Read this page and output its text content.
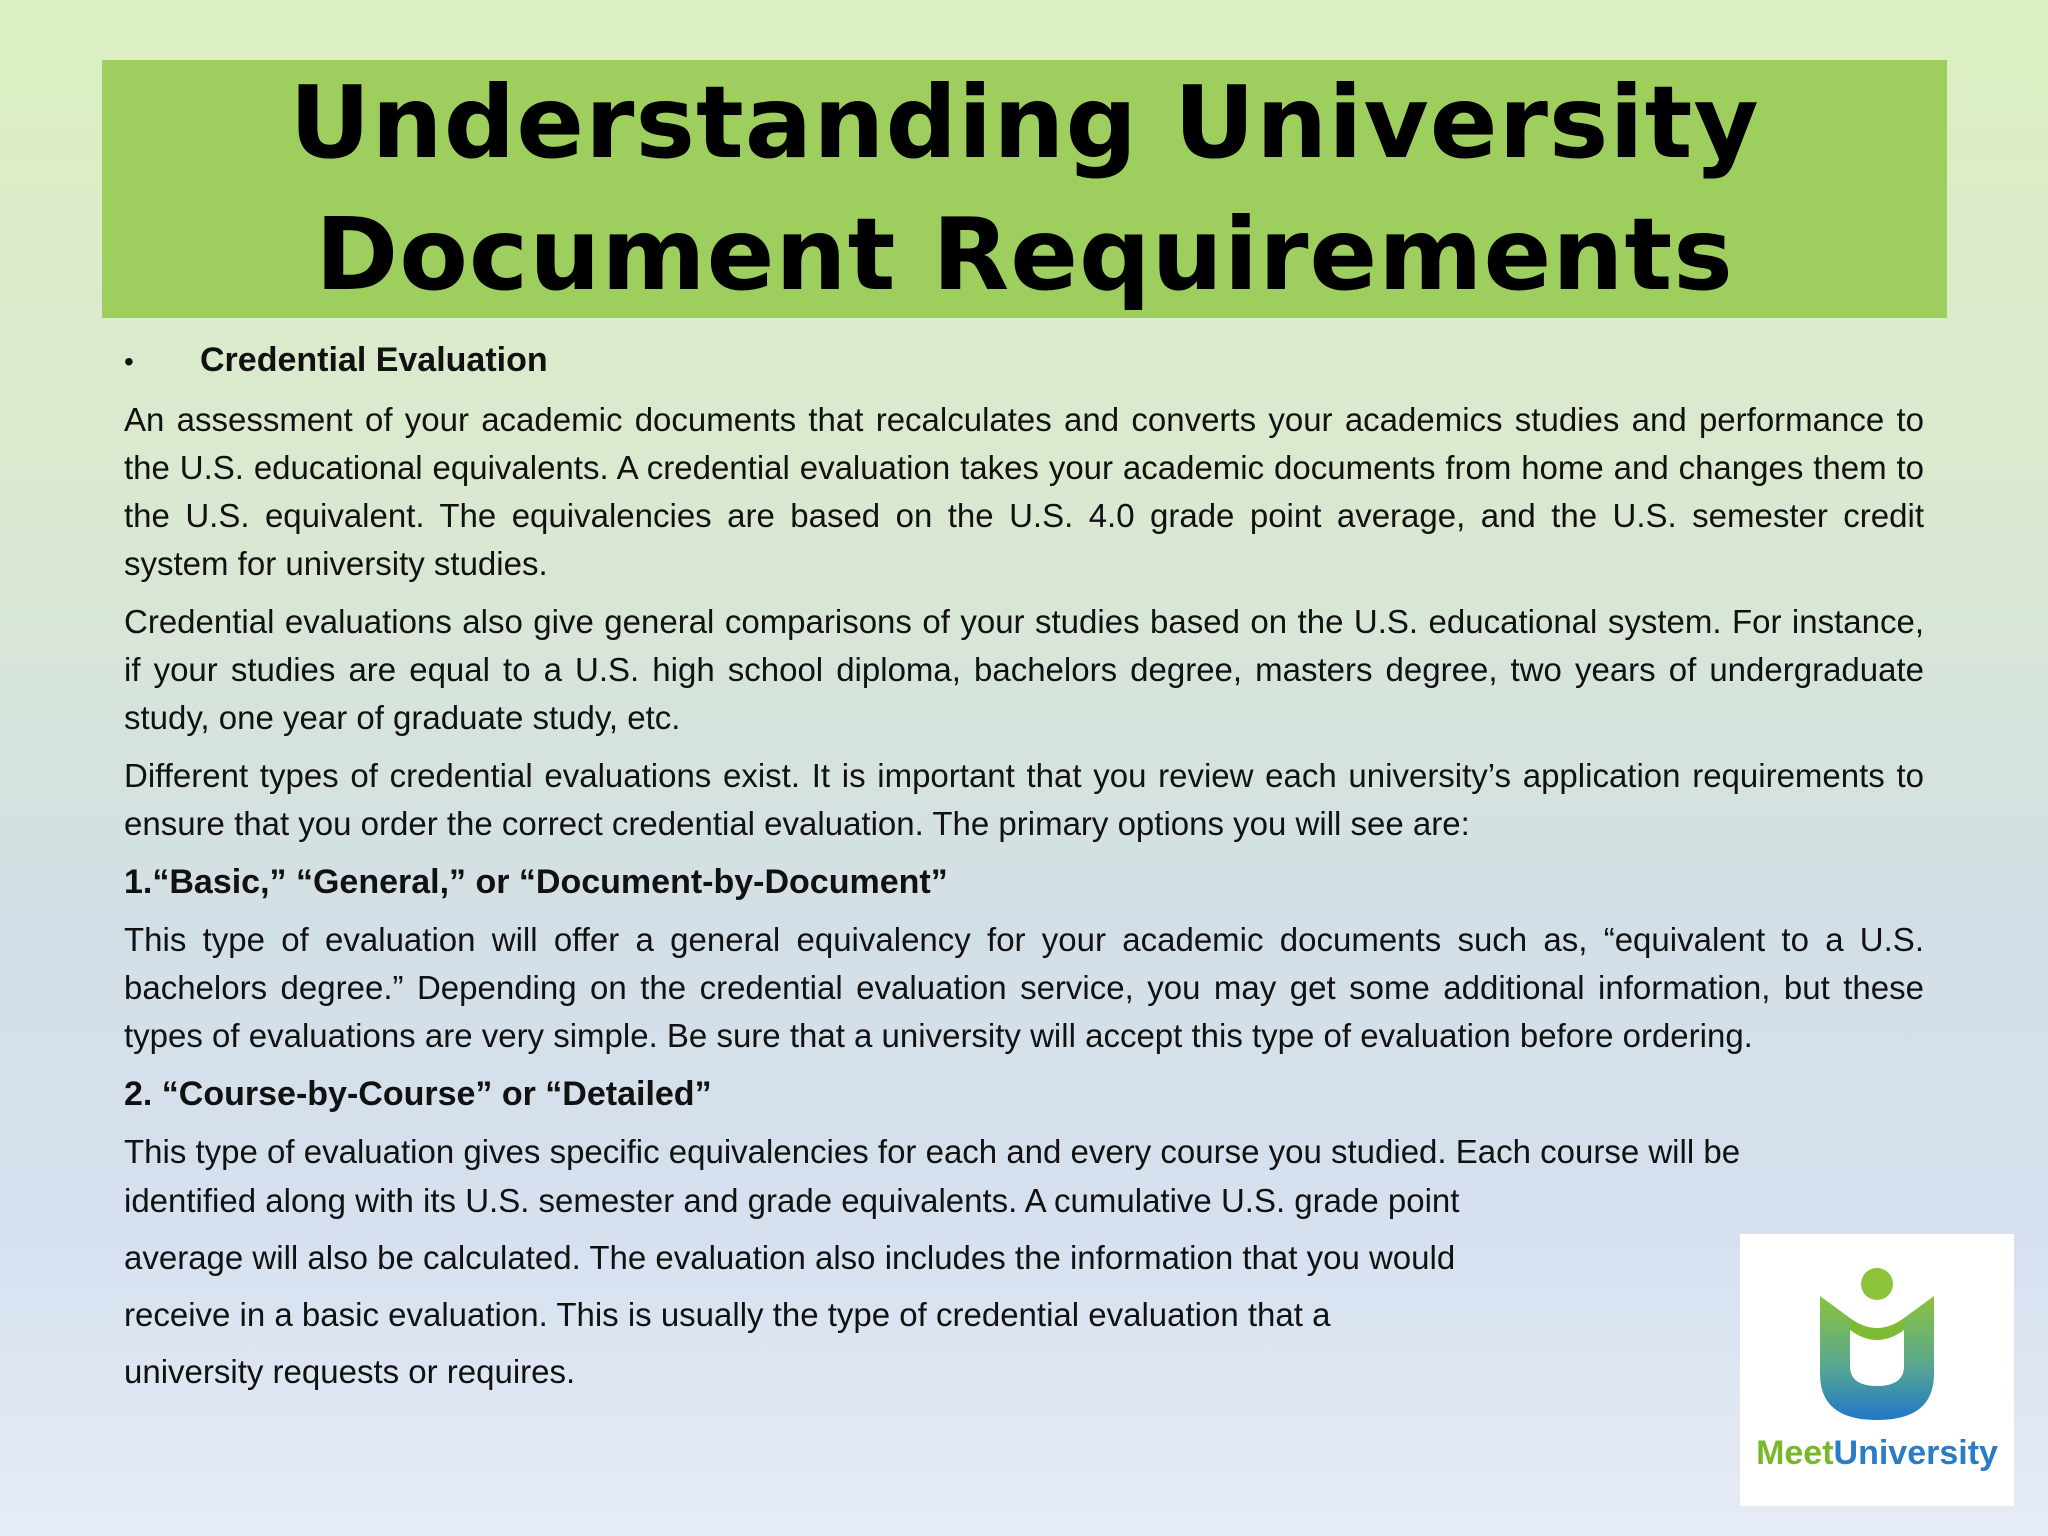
Understanding University
Document Requirements
•	Credential Evaluation

An assessment of your academic documents that recalculates and converts your academics studies and performance to the U.S. educational equivalents. A credential evaluation takes your academic documents from home and changes them to the U.S. equivalent. The equivalencies are based on the U.S. 4.0 grade point average, and the U.S. semester credit system for university studies.

Credential evaluations also give general comparisons of your studies based on the U.S. educational system. For instance, if your studies are equal to a U.S. high school diploma, bachelors degree, masters degree, two years of undergraduate study, one year of graduate study, etc.

Different types of credential evaluations exist. It is important that you review each university’s application requirements to ensure that you order the correct credential evaluation. The primary options you will see are:

1.“Basic,” “General,” or “Document-by-Document”

This type of evaluation will offer a general equivalency for your academic documents such as, “equivalent to a U.S. bachelors degree.” Depending on the credential evaluation service, you may get some additional information, but these types of evaluations are very simple. Be sure that a university will accept this type of evaluation before ordering.

2. “Course-by-Course” or “Detailed”

This type of evaluation gives specific equivalencies for each and every course you studied. Each course will be

identified along with its U.S. semester and grade equivalents. A cumulative U.S. grade point

average will also be calculated. The evaluation also includes the information that you would

receive in a basic evaluation. This is usually the type of credential evaluation that a

university requests or requires.

MeetUniversity
